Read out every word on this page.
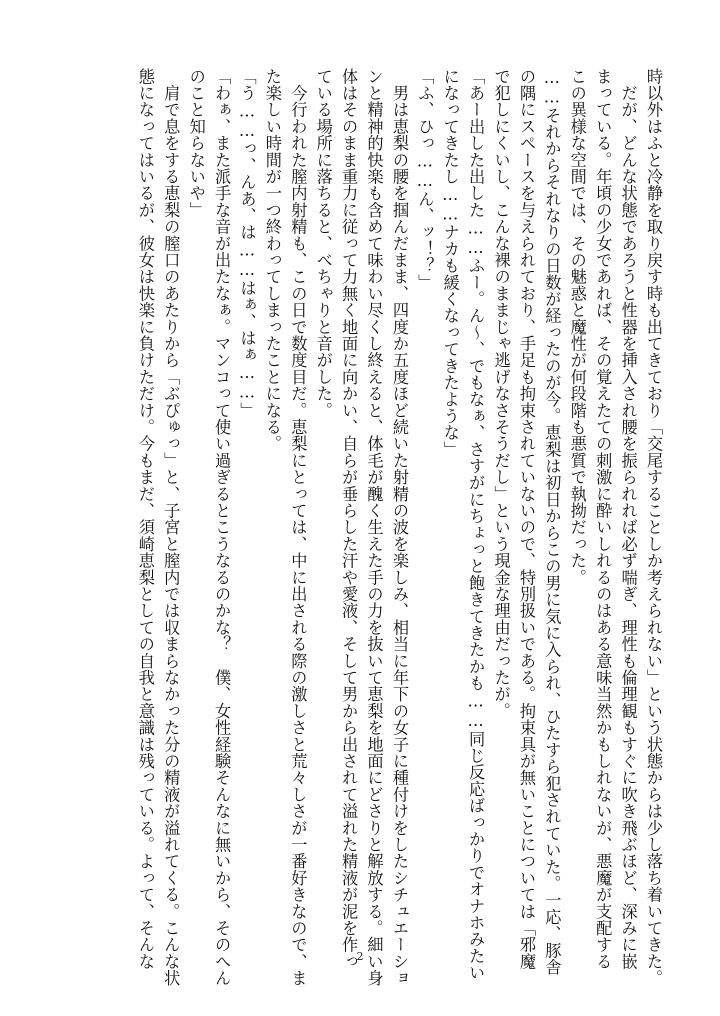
時以外はふと冷静を取り戻す時も出てきており「交尾することしか考えられない」という状態からは少し落ち着いてきた。
　だが、どんな状態であろうと性器を挿入され腰を振られれば必ず喘ぎ、理性も倫理観もすぐに吹き飛ぶほど、深みに嵌
まっている。年頃の少女であれば、その覚えたての刺激に酔いしれるのはある意味当然かもしれないが、悪魔が支配する
この異様な空間では、その魅惑と魔性が何段階も悪質で執拗だった。
……それからそれなりの日数が経ったのが今。恵梨は初日からこの男に気に入られ、ひたすら犯されていた。一応、豚舎
の隅にスペースを与えられており、手足も拘束されていないので、特別扱いである。拘束具が無いことについては「邪魔
で犯しにくいし、こんな裸のままじゃ逃げなさそうだし」という現金な理由だったが。
「あー出した出した……ふー。ん～、でもなぁ、さすがにちょっと飽きてきたかも……同じ反応ばっかりでオナホみたい
になってきたし……ナカも緩くなってきたような」
「ふ、ひっ……ん、ッ！？」
　男は恵梨の腰を掴んだまま、四度か五度ほど続いた射精の波を楽しみ、相当に年下の女子に種付けをしたシチュエーショ
ンと精神的快楽も含めて味わい尽くし終えると、体毛が醜く生えた手の力を抜いて恵梨を地面にどさりと解放する。細い身
体はそのまま重力に従って力無く地面に向かい、自らが垂らした汗や愛液、そして男から出されて溢れた精液が泥を作っ
ている場所に落ちると、べちゃりと音がした。
　今行われた膣内射精も、この日で数度目だ。恵梨にとっては、中に出される際の激しさと荒々しさが一番好きなので、ま
た楽しい時間が一つ終わってしまったことになる。
「う……っ、んあ、は……はぁ、はぁ……」
「わぁ、また派手な音が出たなぁ。マンコって使い過ぎるとこうなるのかな？　僕、女性経験そんなに無いから、そのへん
のこと知らないや」
　肩で息をする恵梨の膣口のあたりから「ぶぴゅっ」と、子宮と膣内では収まらなかった分の精液が溢れてくる。こんな状
態になってはいるが、彼女は快楽に負けただけ。今もまだ、須崎恵梨としての自我と意識は残っている。よって、そんな	2
